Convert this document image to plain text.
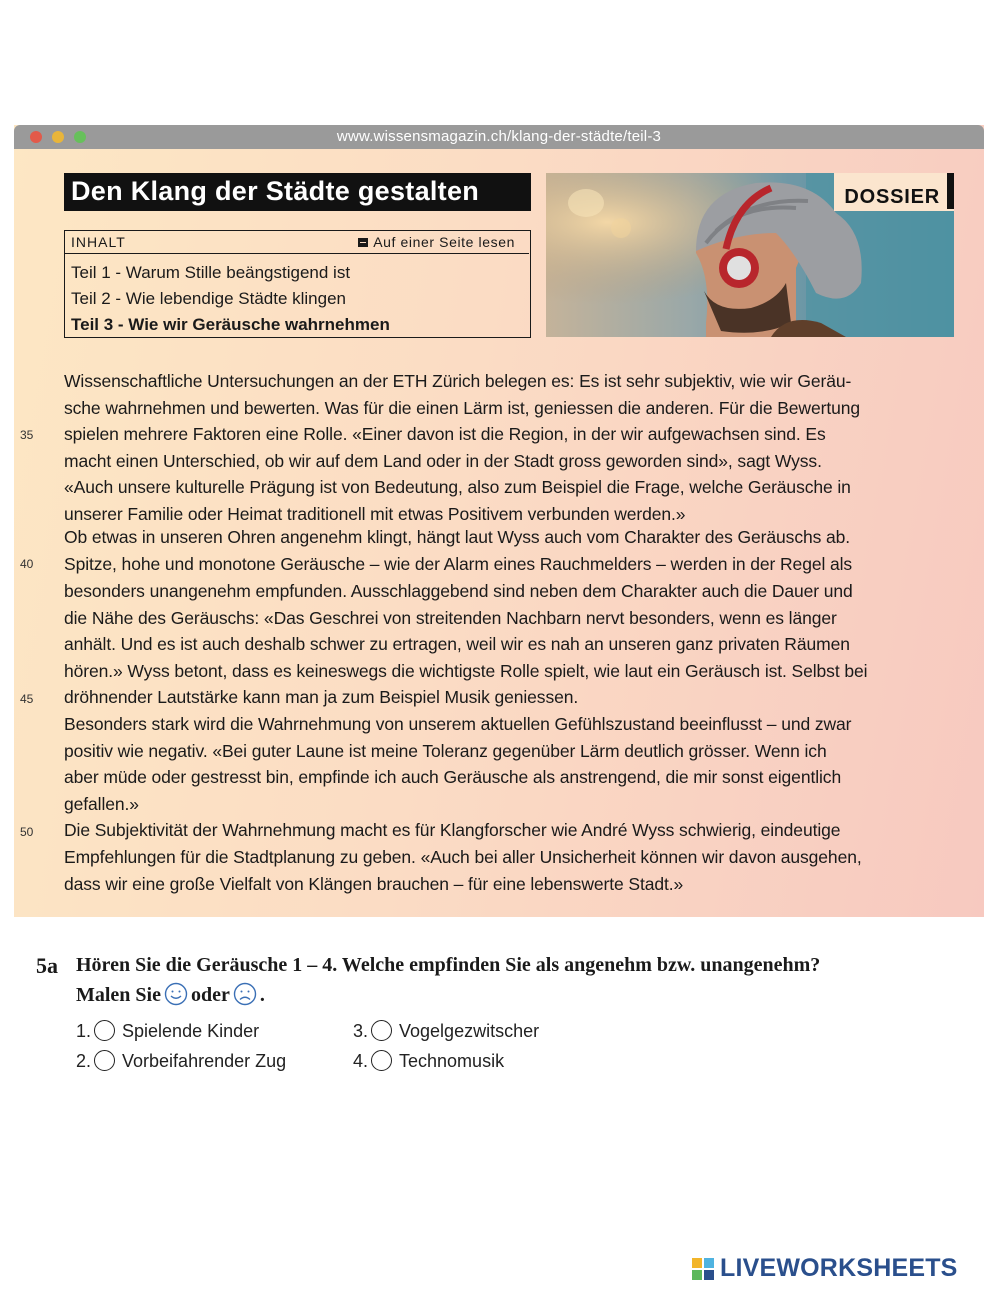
www.wissensmagazin.ch/klang-der-städte/teil-3
Den Klang der Städte gestalten
INHALT	Auf einer Seite lesen
Teil 1 - Warum Stille beängstigend ist
Teil 2 - Wie lebendige Städte klingen
Teil 3 - Wie wir Geräusche wahrnehmen
DOSSIER
Wissenschaftliche Untersuchungen an der ETH Zürich belegen es: Es ist sehr subjektiv, wie wir Geräu-
sche wahrnehmen und bewerten. Was für die einen Lärm ist, geniessen die anderen. Für die Bewertung
spielen mehrere Faktoren eine Rolle. «Einer davon ist die Region, in der wir aufgewachsen sind. Es
macht einen Unterschied, ob wir auf dem Land oder in der Stadt gross geworden sind», sagt Wyss.
«Auch unsere kulturelle Prägung ist von Bedeutung, also zum Beispiel die Frage, welche Geräusche in
unserer Familie oder Heimat traditionell mit etwas Positivem verbunden werden.»
Ob etwas in unseren Ohren angenehm klingt, hängt laut Wyss auch vom Charakter des Geräuschs ab.
Spitze, hohe und monotone Geräusche – wie der Alarm eines Rauchmelders – werden in der Regel als
besonders unangenehm empfunden. Ausschlaggebend sind neben dem Charakter auch die Dauer und
die Nähe des Geräuschs: «Das Geschrei von streitenden Nachbarn nervt besonders, wenn es länger
anhält. Und es ist auch deshalb schwer zu ertragen, weil wir es nah an unseren ganz privaten Räumen
hören.» Wyss betont, dass es keineswegs die wichtigste Rolle spielt, wie laut ein Geräusch ist. Selbst bei
dröhnender Lautstärke kann man ja zum Beispiel Musik geniessen.
Besonders stark wird die Wahrnehmung von unserem aktuellen Gefühlszustand beeinflusst – und zwar
positiv wie negativ. «Bei guter Laune ist meine Toleranz gegenüber Lärm deutlich grösser. Wenn ich
aber müde oder gestresst bin, empfinde ich auch Geräusche als anstrengend, die mir sonst eigentlich
gefallen.»
Die Subjektivität der Wahrnehmung macht es für Klangforscher wie André Wyss schwierig, eindeutige
Empfehlungen für die Stadtplanung zu geben. «Auch bei aller Unsicherheit können wir davon ausgehen,
dass wir eine große Vielfalt von Klängen brauchen – für eine lebenswerte Stadt.»
35
40
45
50
5a Hören Sie die Geräusche 1 – 4. Welche empfinden Sie als angenehm bzw. unangenehm?
Malen Sie oder .
1. Spielende Kinder
2. Vorbeifahrender Zug
3. Vogelgezwitscher
4. Technomusik
LIVEWORKSHEETS
